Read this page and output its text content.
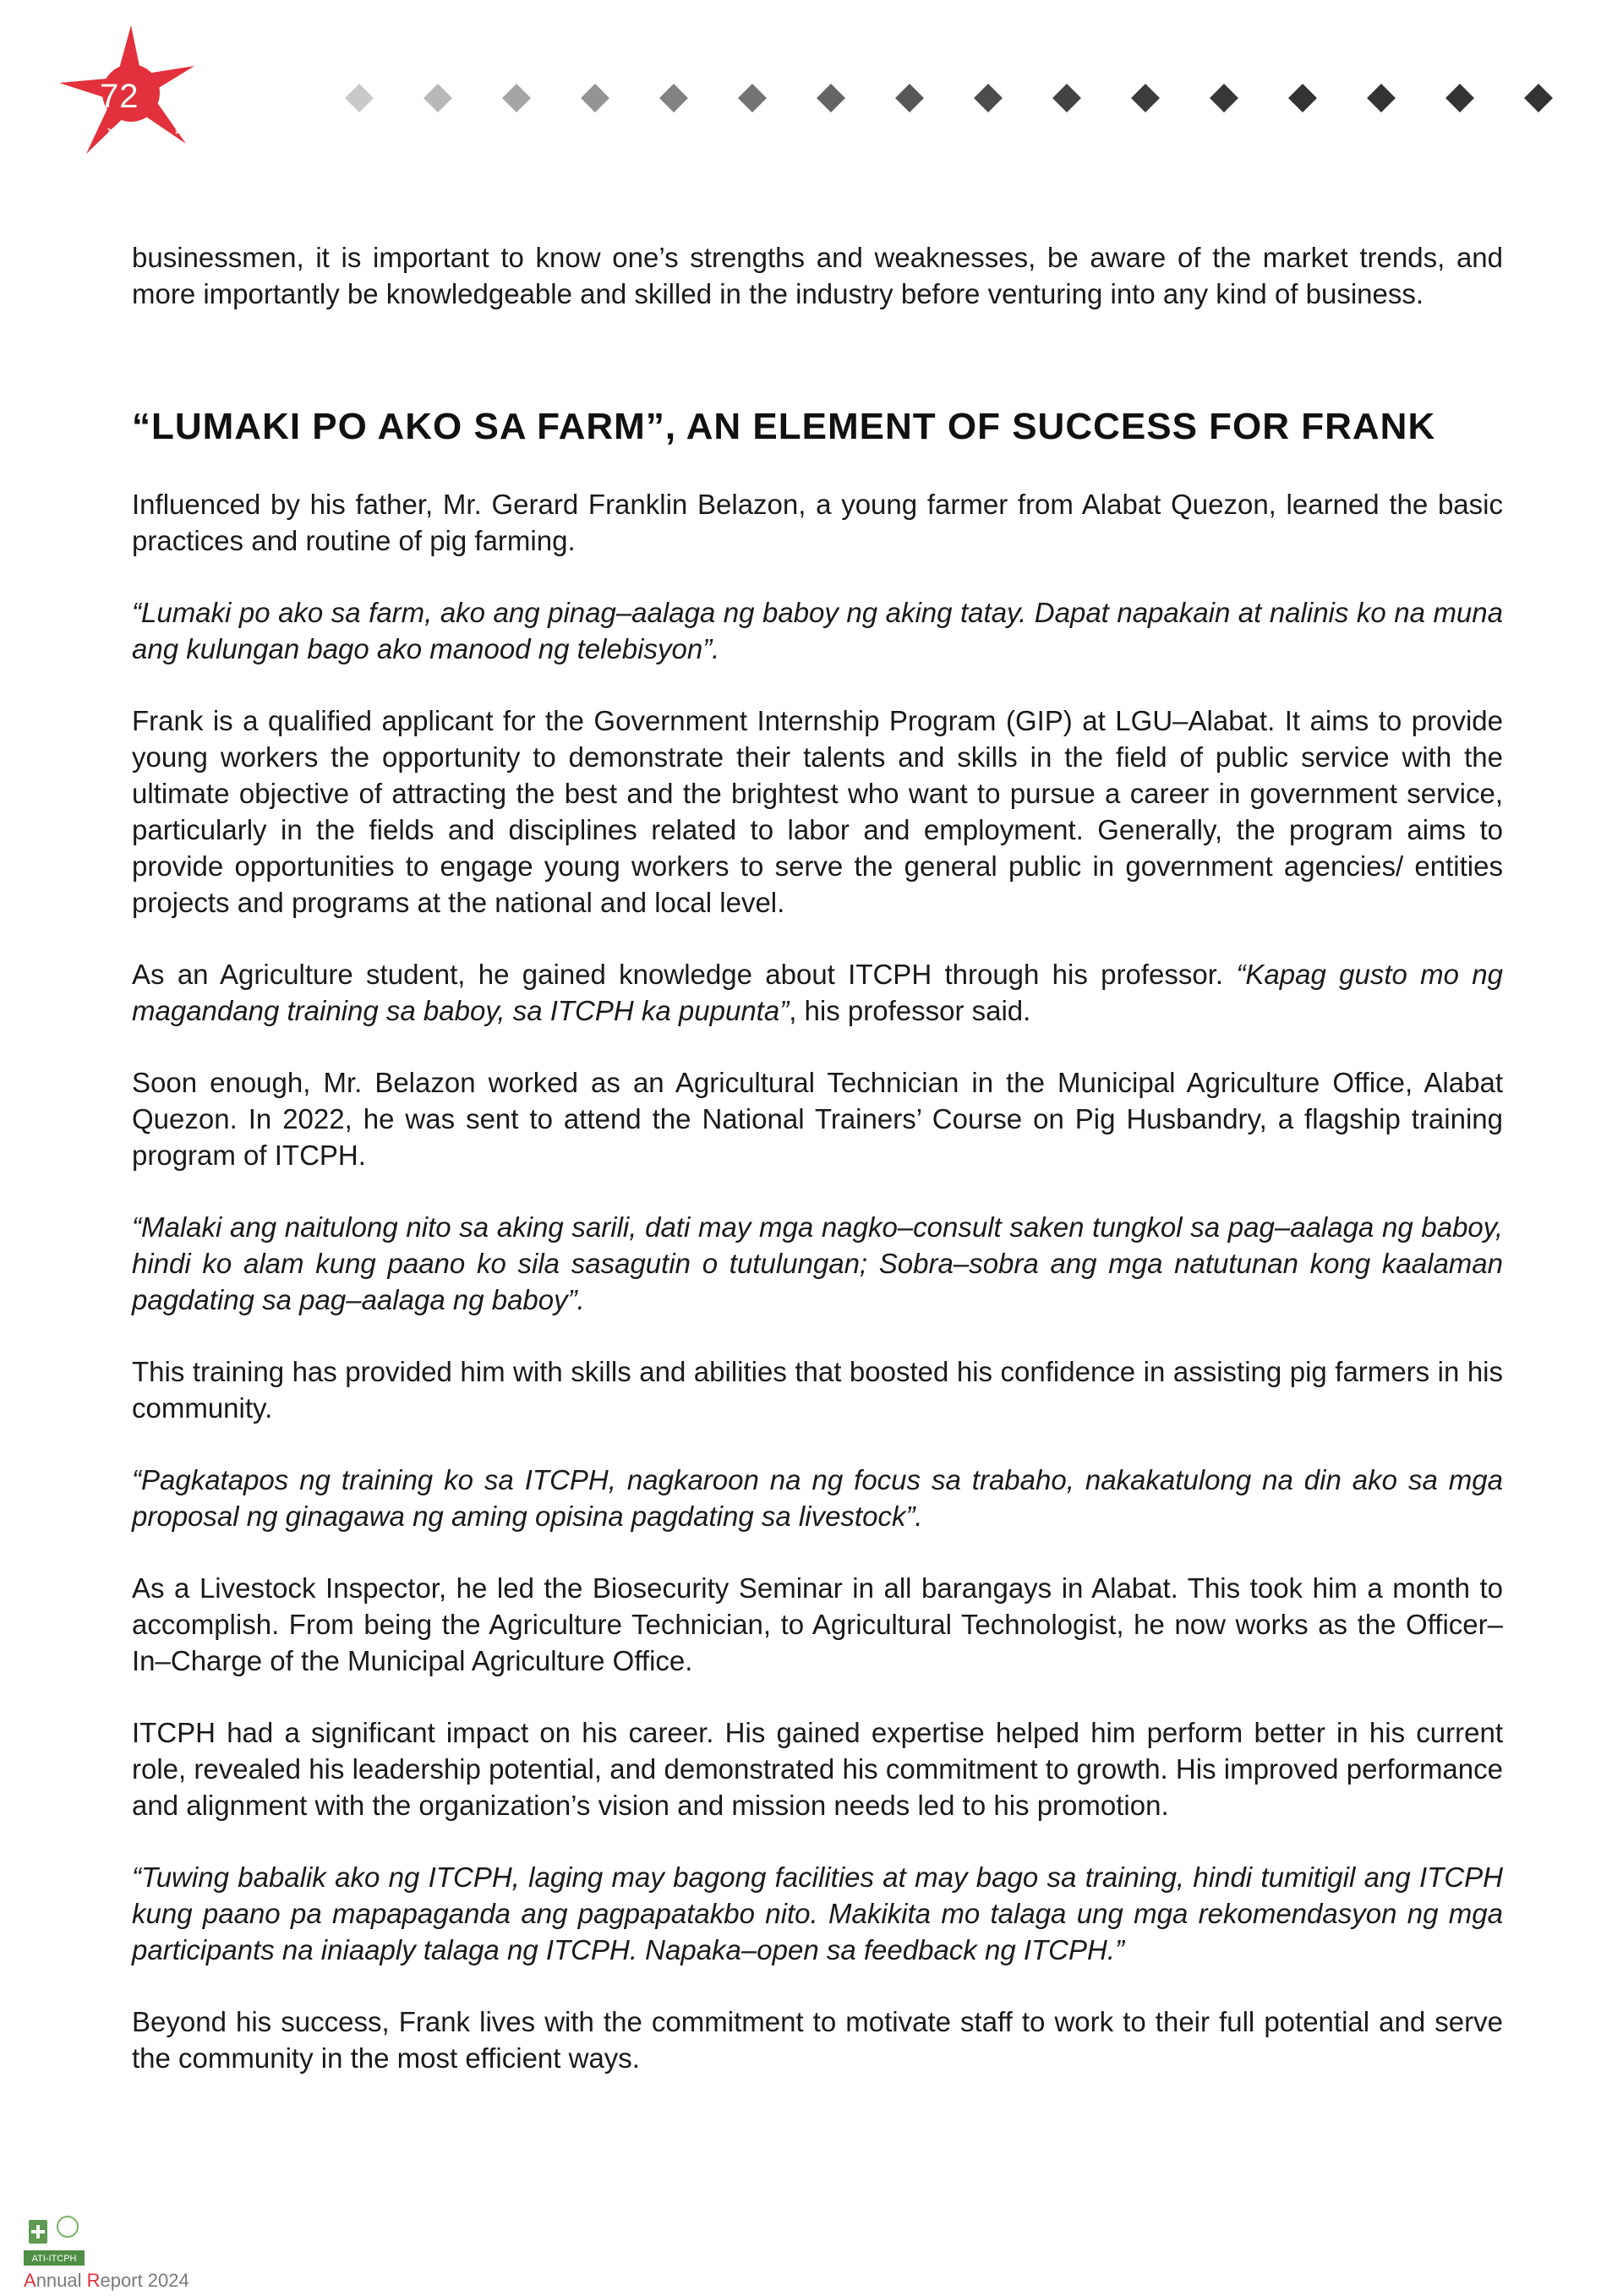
72

businessmen, it is important to know one’s strengths and weaknesses, be aware of the market trends, and more importantly be knowledgeable and skilled in the industry before venturing into any kind of business.

“LUMAKI PO AKO SA FARM”, AN ELEMENT OF SUCCESS FOR FRANK

Influenced by his father, Mr. Gerard Franklin Belazon, a young farmer from Alabat Quezon, learned the basic practices and routine of pig farming.

“Lumaki po ako sa farm, ako ang pinag–aalaga ng baboy ng aking tatay. Dapat napakain at nalinis ko na muna ang kulungan bago ako manood ng telebisyon”.

Frank is a qualified applicant for the Government Internship Program (GIP) at LGU–Alabat. It aims to provide young workers the opportunity to demonstrate their talents and skills in the field of public service with the ultimate objective of attracting the best and the brightest who want to pursue a career in government service, particularly in the fields and disciplines related to labor and employment. Generally, the program aims to provide opportunities to engage young workers to serve the general public in government agencies/ entities projects and programs at the national and local level.

As an Agriculture student, he gained knowledge about ITCPH through his professor. “Kapag gusto mo ng magandang training sa baboy, sa ITCPH ka pupunta”, his professor said.

Soon enough, Mr. Belazon worked as an Agricultural Technician in the Municipal Agriculture Office, Alabat Quezon. In 2022, he was sent to attend the National Trainers’ Course on Pig Husbandry, a flagship training program of ITCPH.

“Malaki ang naitulong nito sa aking sarili, dati may mga nagko–consult saken tungkol sa pag–aalaga ng baboy, hindi ko alam kung paano ko sila sasagutin o tutulungan; Sobra–sobra ang mga natutunan kong kaalaman pagdating sa pag–aalaga ng baboy”.

This training has provided him with skills and abilities that boosted his confidence in assisting pig farmers in his community.

“Pagkatapos ng training ko sa ITCPH, nagkaroon na ng focus sa trabaho, nakakatulong na din ako sa mga proposal ng ginagawa ng aming opisina pagdating sa livestock”.

As a Livestock Inspector, he led the Biosecurity Seminar in all barangays in Alabat. This took him a month to accomplish. From being the Agriculture Technician, to Agricultural Technologist, he now works as the Officer–In–Charge of the Municipal Agriculture Office.

ITCPH had a significant impact on his career. His gained expertise helped him perform better in his current role, revealed his leadership potential, and demonstrated his commitment to growth. His improved performance and alignment with the organization’s vision and mission needs led to his promotion.

“Tuwing babalik ako ng ITCPH, laging may bagong facilities at may bago sa training, hindi tumitigil ang ITCPH kung paano pa mapapaganda ang pagpapatakbo nito. Makikita mo talaga ung mga rekomendasyon ng mga participants na iniaaply talaga ng ITCPH. Napaka–open sa feedback ng ITCPH.”

Beyond his success, Frank lives with the commitment to motivate staff to work to their full potential and serve the community in the most efficient ways.

ATI-ITCPH
Annual Report 2024
